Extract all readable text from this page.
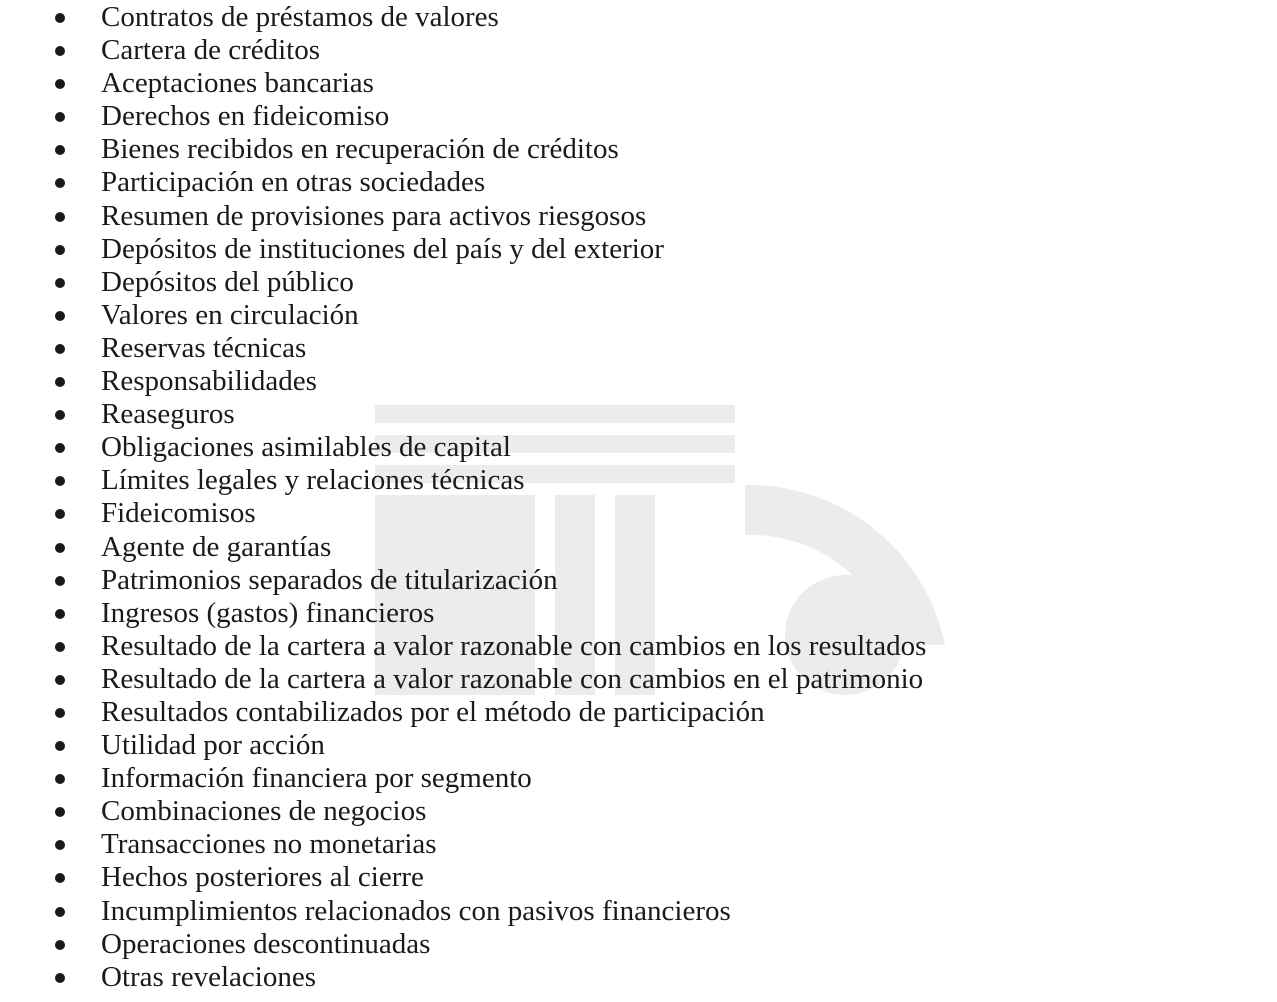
Contratos de préstamos de valores
Cartera de créditos
Aceptaciones bancarias
Derechos en fideicomiso
Bienes recibidos en recuperación de créditos
Participación en otras sociedades
Resumen de provisiones para activos riesgosos
Depósitos de instituciones del país y del exterior
Depósitos del público
Valores en circulación
Reservas técnicas
Responsabilidades
Reaseguros
Obligaciones asimilables de capital
Límites legales y relaciones técnicas
Fideicomisos
Agente de garantías
Patrimonios separados de titularización
Ingresos (gastos) financieros
Resultado de la cartera a valor razonable con cambios en los resultados
Resultado de la cartera a valor razonable con cambios en el patrimonio
Resultados contabilizados por el método de participación
Utilidad por acción
Información financiera por segmento
Combinaciones de negocios
Transacciones no monetarias
Hechos posteriores al cierre
Incumplimientos relacionados con pasivos financieros
Operaciones descontinuadas
Otras revelaciones
